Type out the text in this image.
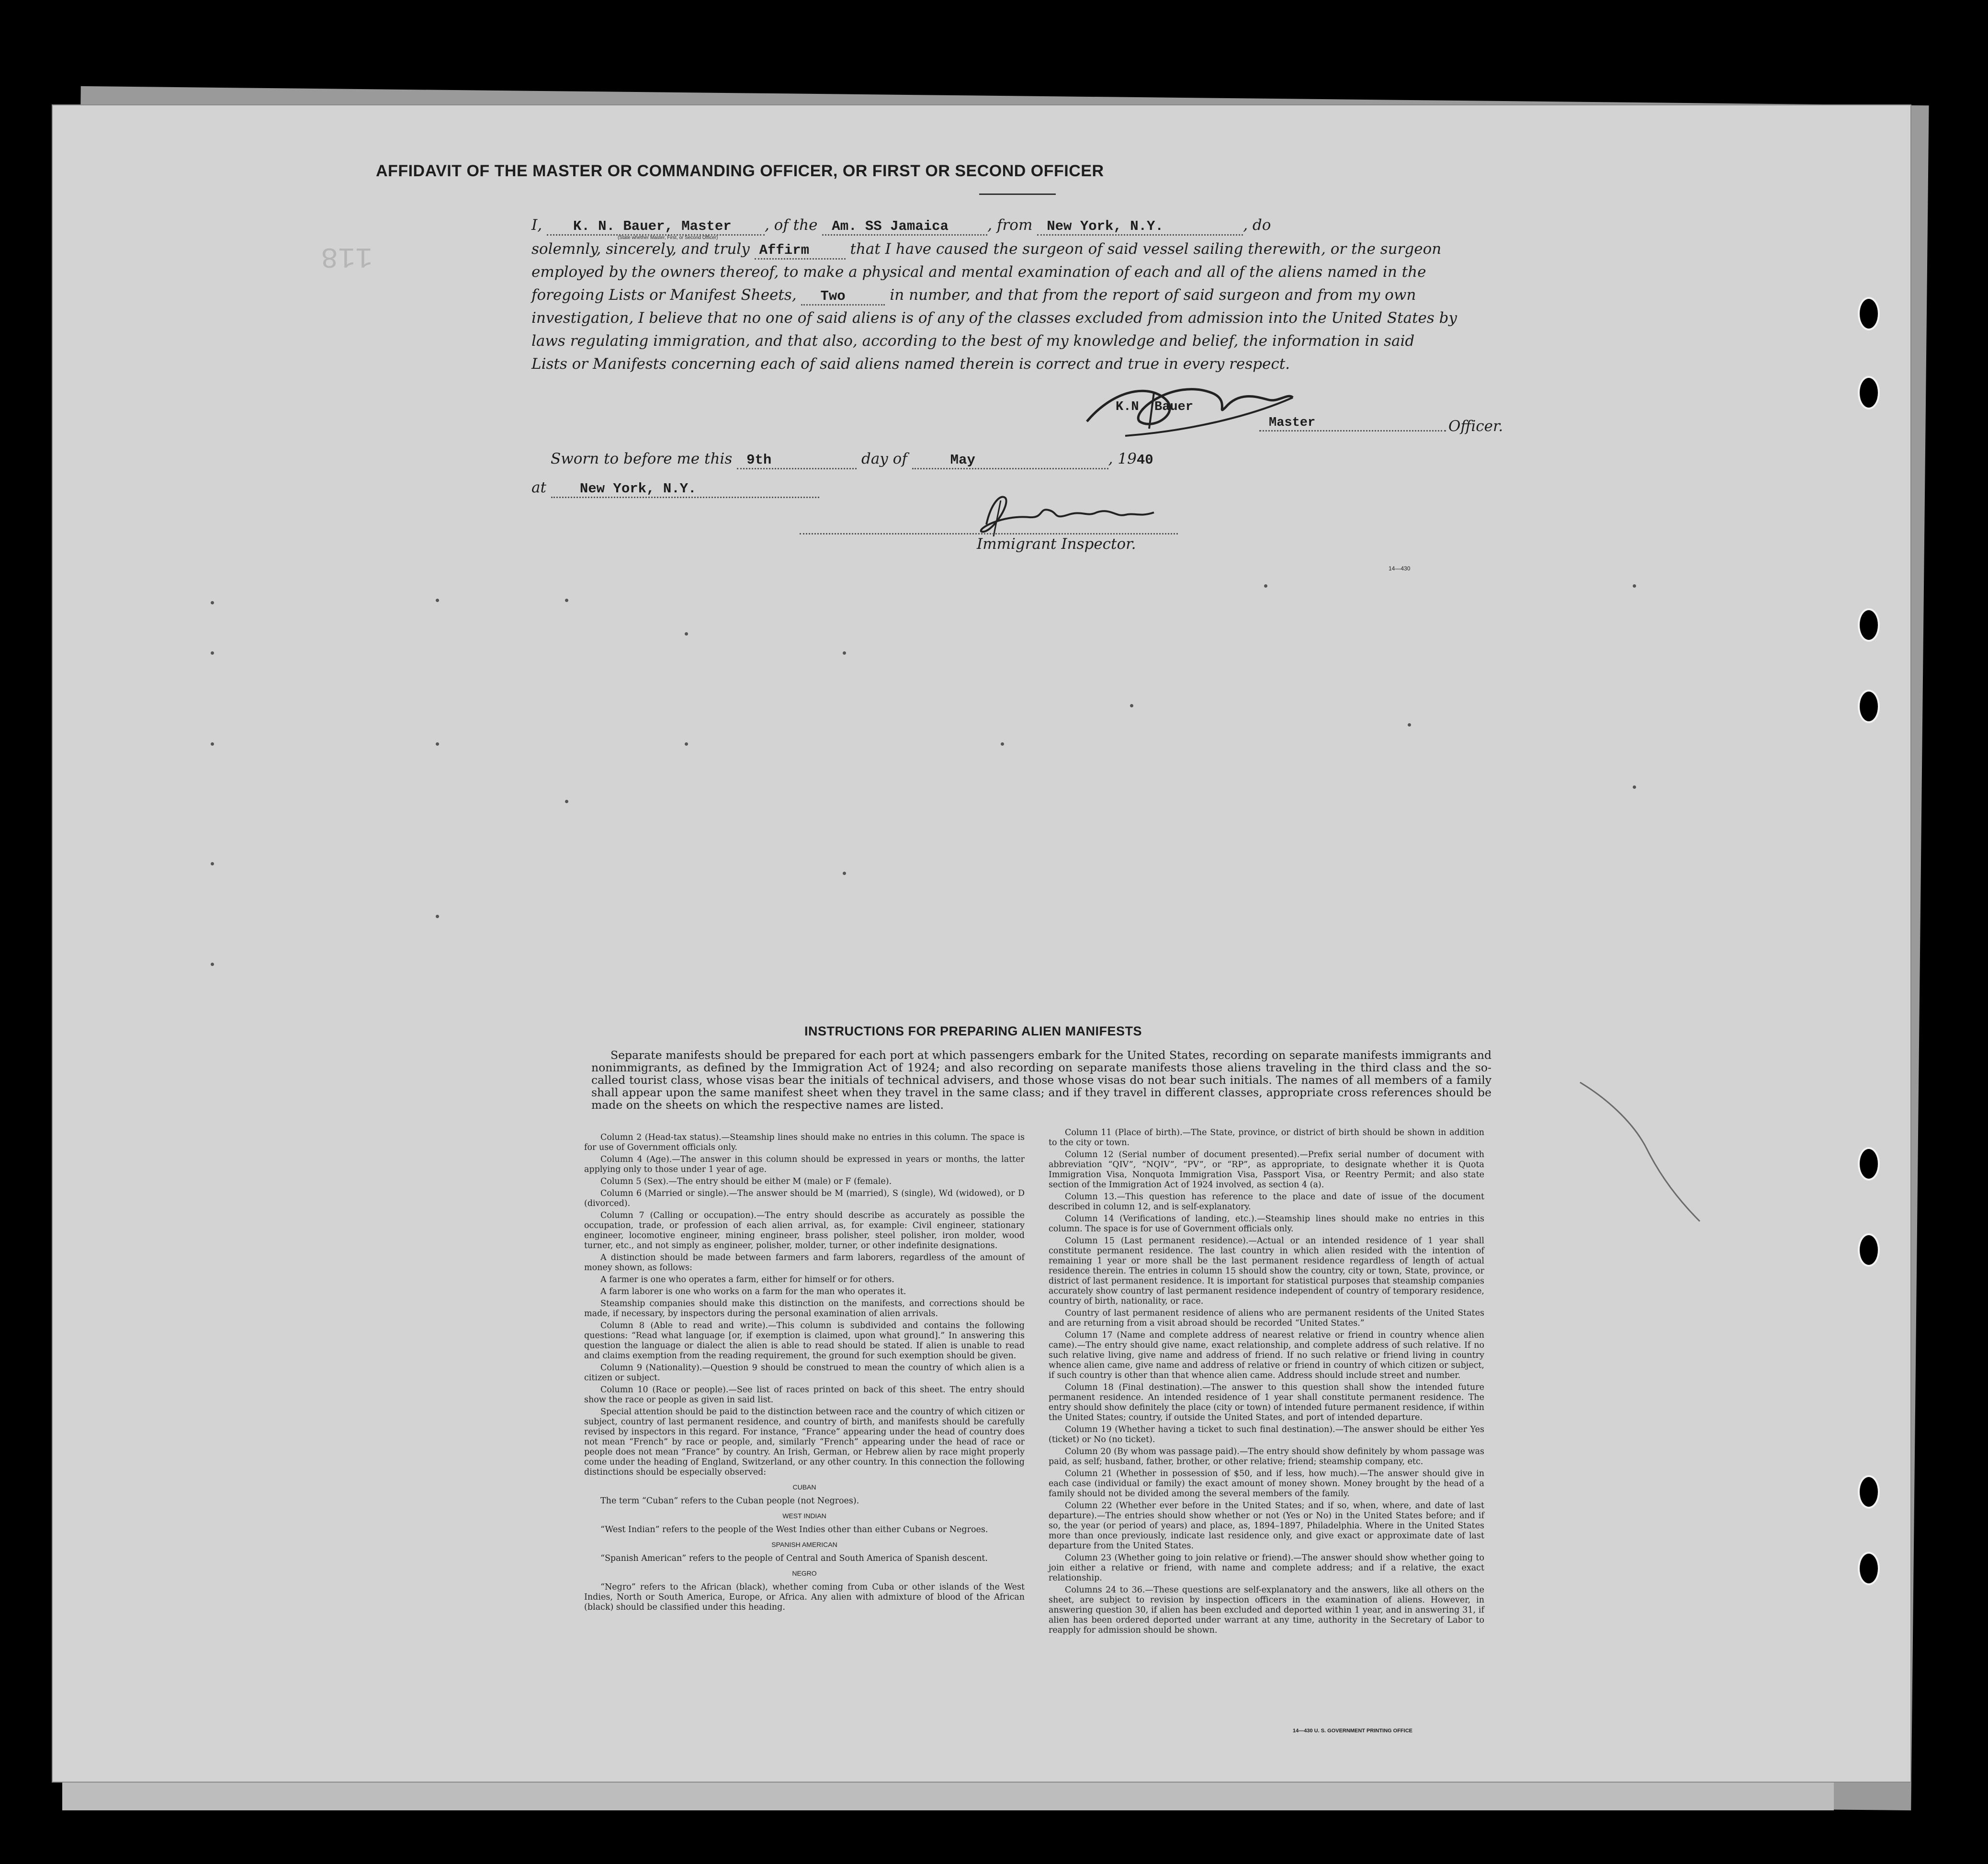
118
AFFIDAVIT OF THE MASTER OR COMMANDING OFFICER, OR FIRST OR SECOND OFFICER
I, K. N. Bauer, Master , of the Am. SS Jamaica	, from New York, N.Y.	, do
(State whether Master, First, or Second Officer)
solemnly, sincerely, and truly Affirm	that I have caused the surgeon of said vessel sailing therewith, or the surgeon
employed by the owners thereof, to make a physical and mental examination of each and all of the aliens named in the
foregoing Lists or Manifest Sheets, Two	in number, and that from the report of said surgeon and from my own
investigation, I believe that no one of said aliens is of any of the classes excluded from admission into the United States by
laws regulating immigration, and that also, according to the best of my knowledge and belief, the information in said
Lists or Manifests concerning each of said aliens named therein is correct and true in every respect.
K.N. Bauer
Master	Officer.
Sworn to before me this 9th	day of	May	, 1940
at New York, N.Y.
Immigrant Inspector.
14—430
INSTRUCTIONS FOR PREPARING ALIEN MANIFESTS

Separate manifests should be prepared for each port at which passengers embark for the United States, recording on separate manifests immigrants and nonimmigrants, as defined by the Immigration Act of 1924; and also recording on separate manifests those aliens traveling in the third class and the so-called tourist class, whose visas bear the initials of technical advisers, and those whose visas do not bear such initials. The names of all members of a family shall appear upon the same manifest sheet when they travel in the same class; and if they travel in different classes, appropriate cross references should be made on the sheets on which the respective names are listed.

Column 2 (Head-tax status).—Steamship lines should make no entries in this column. The space is for use of Government officials only.

Column 4 (Age).—The answer in this column should be expressed in years or months, the latter applying only to those under 1 year of age.

Column 5 (Sex).—The entry should be either M (male) or F (female).

Column 6 (Married or single).—The answer should be M (married), S (single), Wd (widowed), or D (divorced).

Column 7 (Calling or occupation).—The entry should describe as accurately as possible the occupation, trade, or profession of each alien arrival, as, for example: Civil engineer, stationary engineer, locomotive engineer, mining engineer, brass polisher, steel polisher, iron molder, wood turner, etc., and not simply as engineer, polisher, molder, turner, or other indefinite designations.

A distinction should be made between farmers and farm laborers, regardless of the amount of money shown, as follows:

A farmer is one who operates a farm, either for himself or for others.

A farm laborer is one who works on a farm for the man who operates it.

Steamship companies should make this distinction on the manifests, and corrections should be made, if necessary, by inspectors during the personal examination of alien arrivals.

Column 8 (Able to read and write).—This column is subdivided and contains the following questions: “Read what language [or, if exemption is claimed, upon what ground].” In answering this question the language or dialect the alien is able to read should be stated. If alien is unable to read and claims exemption from the reading requirement, the ground for such exemption should be given.

Column 9 (Nationality).—Question 9 should be construed to mean the country of which alien is a citizen or subject.

Column 10 (Race or people).—See list of races printed on back of this sheet. The entry should show the race or people as given in said list.

Special attention should be paid to the distinction between race and the country of which citizen or subject, country of last permanent residence, and country of birth, and manifests should be carefully revised by inspectors in this regard. For instance, “France” appearing under the head of country does not mean “French” by race or people, and, similarly “French” appearing under the head of race or people does not mean “France” by country. An Irish, German, or Hebrew alien by race might properly come under the heading of England, Switzerland, or any other country. In this connection the following distinctions should be especially observed:

CUBAN

The term “Cuban” refers to the Cuban people (not Negroes).

WEST INDIAN

“West Indian” refers to the people of the West Indies other than either Cubans or Negroes.

SPANISH AMERICAN

“Spanish American” refers to the people of Central and South America of Spanish descent.

NEGRO

“Negro” refers to the African (black), whether coming from Cuba or other islands of the West Indies, North or South America, Europe, or Africa. Any alien with admixture of blood of the African (black) should be classified under this heading.

Column 11 (Place of birth).—The State, province, or district of birth should be shown in addition to the city or town.

Column 12 (Serial number of document presented).—Prefix serial number of document with abbreviation “QIV”, “NQIV”, “PV”, or “RP”, as appropriate, to designate whether it is Quota Immigration Visa, Nonquota Immigration Visa, Passport Visa, or Reentry Permit; and also state section of the Immigration Act of 1924 involved, as section 4 (a).

Column 13.—This question has reference to the place and date of issue of the document described in column 12, and is self-explanatory.

Column 14 (Verifications of landing, etc.).—Steamship lines should make no entries in this column. The space is for use of Government officials only.

Column 15 (Last permanent residence).—Actual or an intended residence of 1 year shall constitute permanent residence. The last country in which alien resided with the intention of remaining 1 year or more shall be the last permanent residence regardless of length of actual residence therein. The entries in column 15 should show the country, city or town, State, province, or district of last permanent residence. It is important for statistical purposes that steamship companies accurately show country of last permanent residence independent of country of temporary residence, country of birth, nationality, or race.

Country of last permanent residence of aliens who are permanent residents of the United States and are returning from a visit abroad should be recorded “United States.”

Column 17 (Name and complete address of nearest relative or friend in country whence alien came).—The entry should give name, exact relationship, and complete address of such relative. If no such relative living, give name and address of friend. If no such relative or friend living in country whence alien came, give name and address of relative or friend in country of which citizen or subject, if such country is other than that whence alien came. Address should include street and number.

Column 18 (Final destination).—The answer to this question shall show the intended future permanent residence. An intended residence of 1 year shall constitute permanent residence. The entry should show definitely the place (city or town) of intended future permanent residence, if within the United States; country, if outside the United States, and port of intended departure.

Column 19 (Whether having a ticket to such final destination).—The answer should be either Yes (ticket) or No (no ticket).

Column 20 (By whom was passage paid).—The entry should show definitely by whom passage was paid, as self; husband, father, brother, or other relative; friend; steamship company, etc.

Column 21 (Whether in possession of $50, and if less, how much).—The answer should give in each case (individual or family) the exact amount of money shown. Money brought by the head of a family should not be divided among the several members of the family.

Column 22 (Whether ever before in the United States; and if so, when, where, and date of last departure).—The entries should show whether or not (Yes or No) in the United States before; and if so, the year (or period of years) and place, as, 1894–1897, Philadelphia. Where in the United States more than once previously, indicate last residence only, and give exact or approximate date of last departure from the United States.

Column 23 (Whether going to join relative or friend).—The answer should show whether going to join either a relative or friend, with name and complete address; and if a relative, the exact relationship.

Columns 24 to 36.—These questions are self-explanatory and the answers, like all others on the sheet, are subject to revision by inspection officers in the examination of aliens. However, in answering question 30, if alien has been excluded and deported within 1 year, and in answering 31, if alien has been ordered deported under warrant at any time, authority in the Secretary of Labor to reapply for admission should be shown.

14—430 U. S. GOVERNMENT PRINTING OFFICE
